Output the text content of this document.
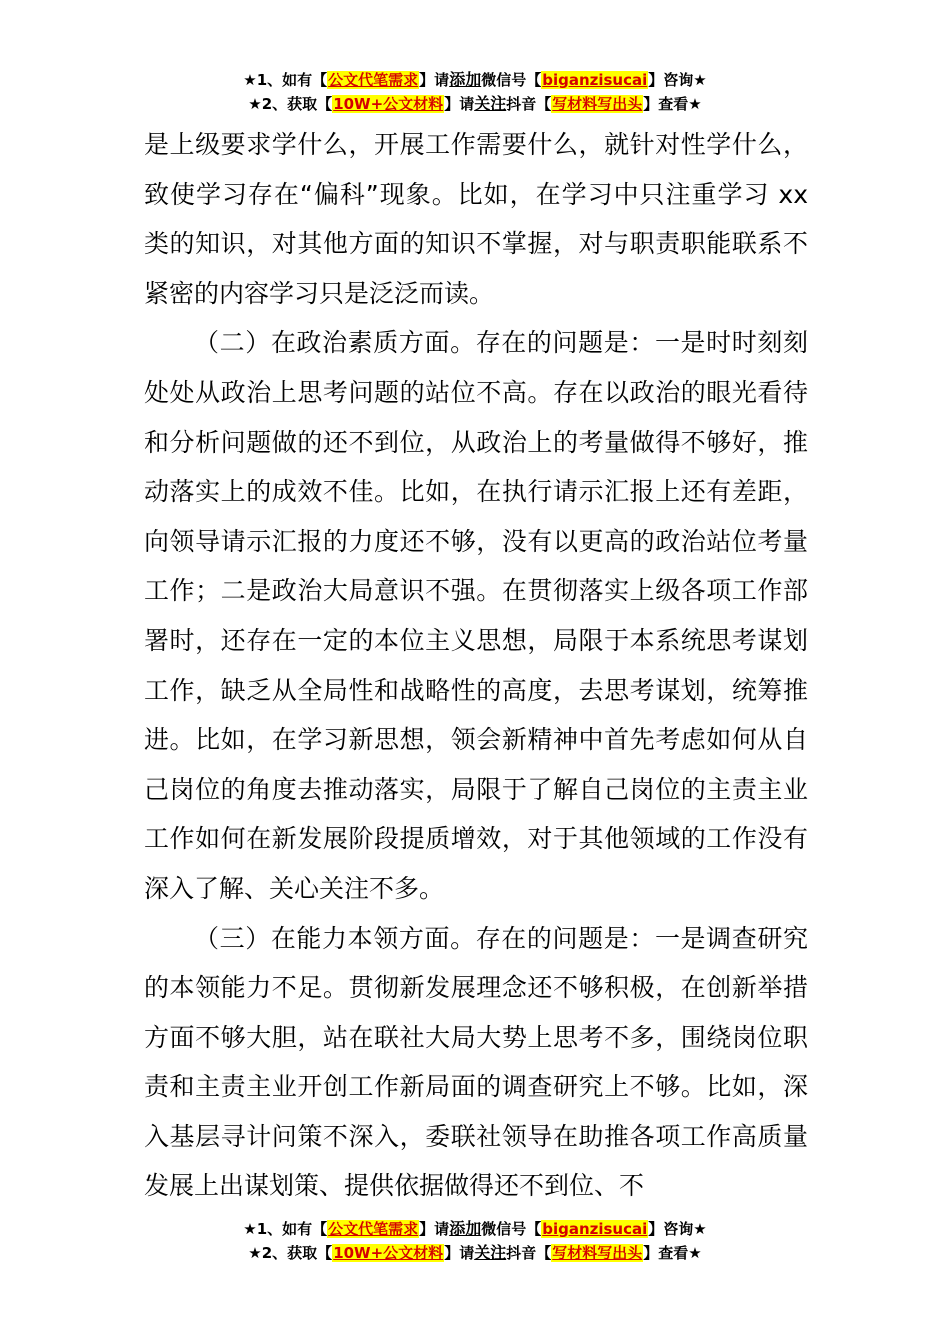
★1、如有【公文代笔需求】请添加微信号【biganzisucai】咨询★
★2、获取【10W+公文材料】请关注抖音【写材料写出头】查看★

是上级要求学什么，开展工作需要什么，就针对性学什么，致使学习存在“偏科”现象。比如，在学习中只注重学习 xx 类的知识，对其他方面的知识不掌握，对与职责职能联系不紧密的内容学习只是泛泛而读。

（二）在政治素质方面。存在的问题是：一是时时刻刻处处从政治上思考问题的站位不高。存在以政治的眼光看待和分析问题做的还不到位，从政治上的考量做得不够好，推动落实上的成效不佳。比如，在执行请示汇报上还有差距，向领导请示汇报的力度还不够，没有以更高的政治站位考量工作；二是政治大局意识不强。在贯彻落实上级各项工作部署时，还存在一定的本位主义思想，局限于本系统思考谋划工作，缺乏从全局性和战略性的高度，去思考谋划，统筹推进。比如，在学习新思想，领会新精神中首先考虑如何从自己岗位的角度去推动落实，局限于了解自己岗位的主责主业工作如何在新发展阶段提质增效，对于其他领域的工作没有深入了解、关心关注不多。

（三）在能力本领方面。存在的问题是：一是调查研究的本领能力不足。贯彻新发展理念还不够积极，在创新举措方面不够大胆，站在联社大局大势上思考不多，围绕岗位职责和主责主业开创工作新局面的调查研究上不够。比如，深入基层寻计问策不深入，委联社领导在助推各项工作高质量发展上出谋划策、提供依据做得还不到位、不

★1、如有【公文代笔需求】请添加微信号【biganzisucai】咨询★
★2、获取【10W+公文材料】请关注抖音【写材料写出头】查看★
